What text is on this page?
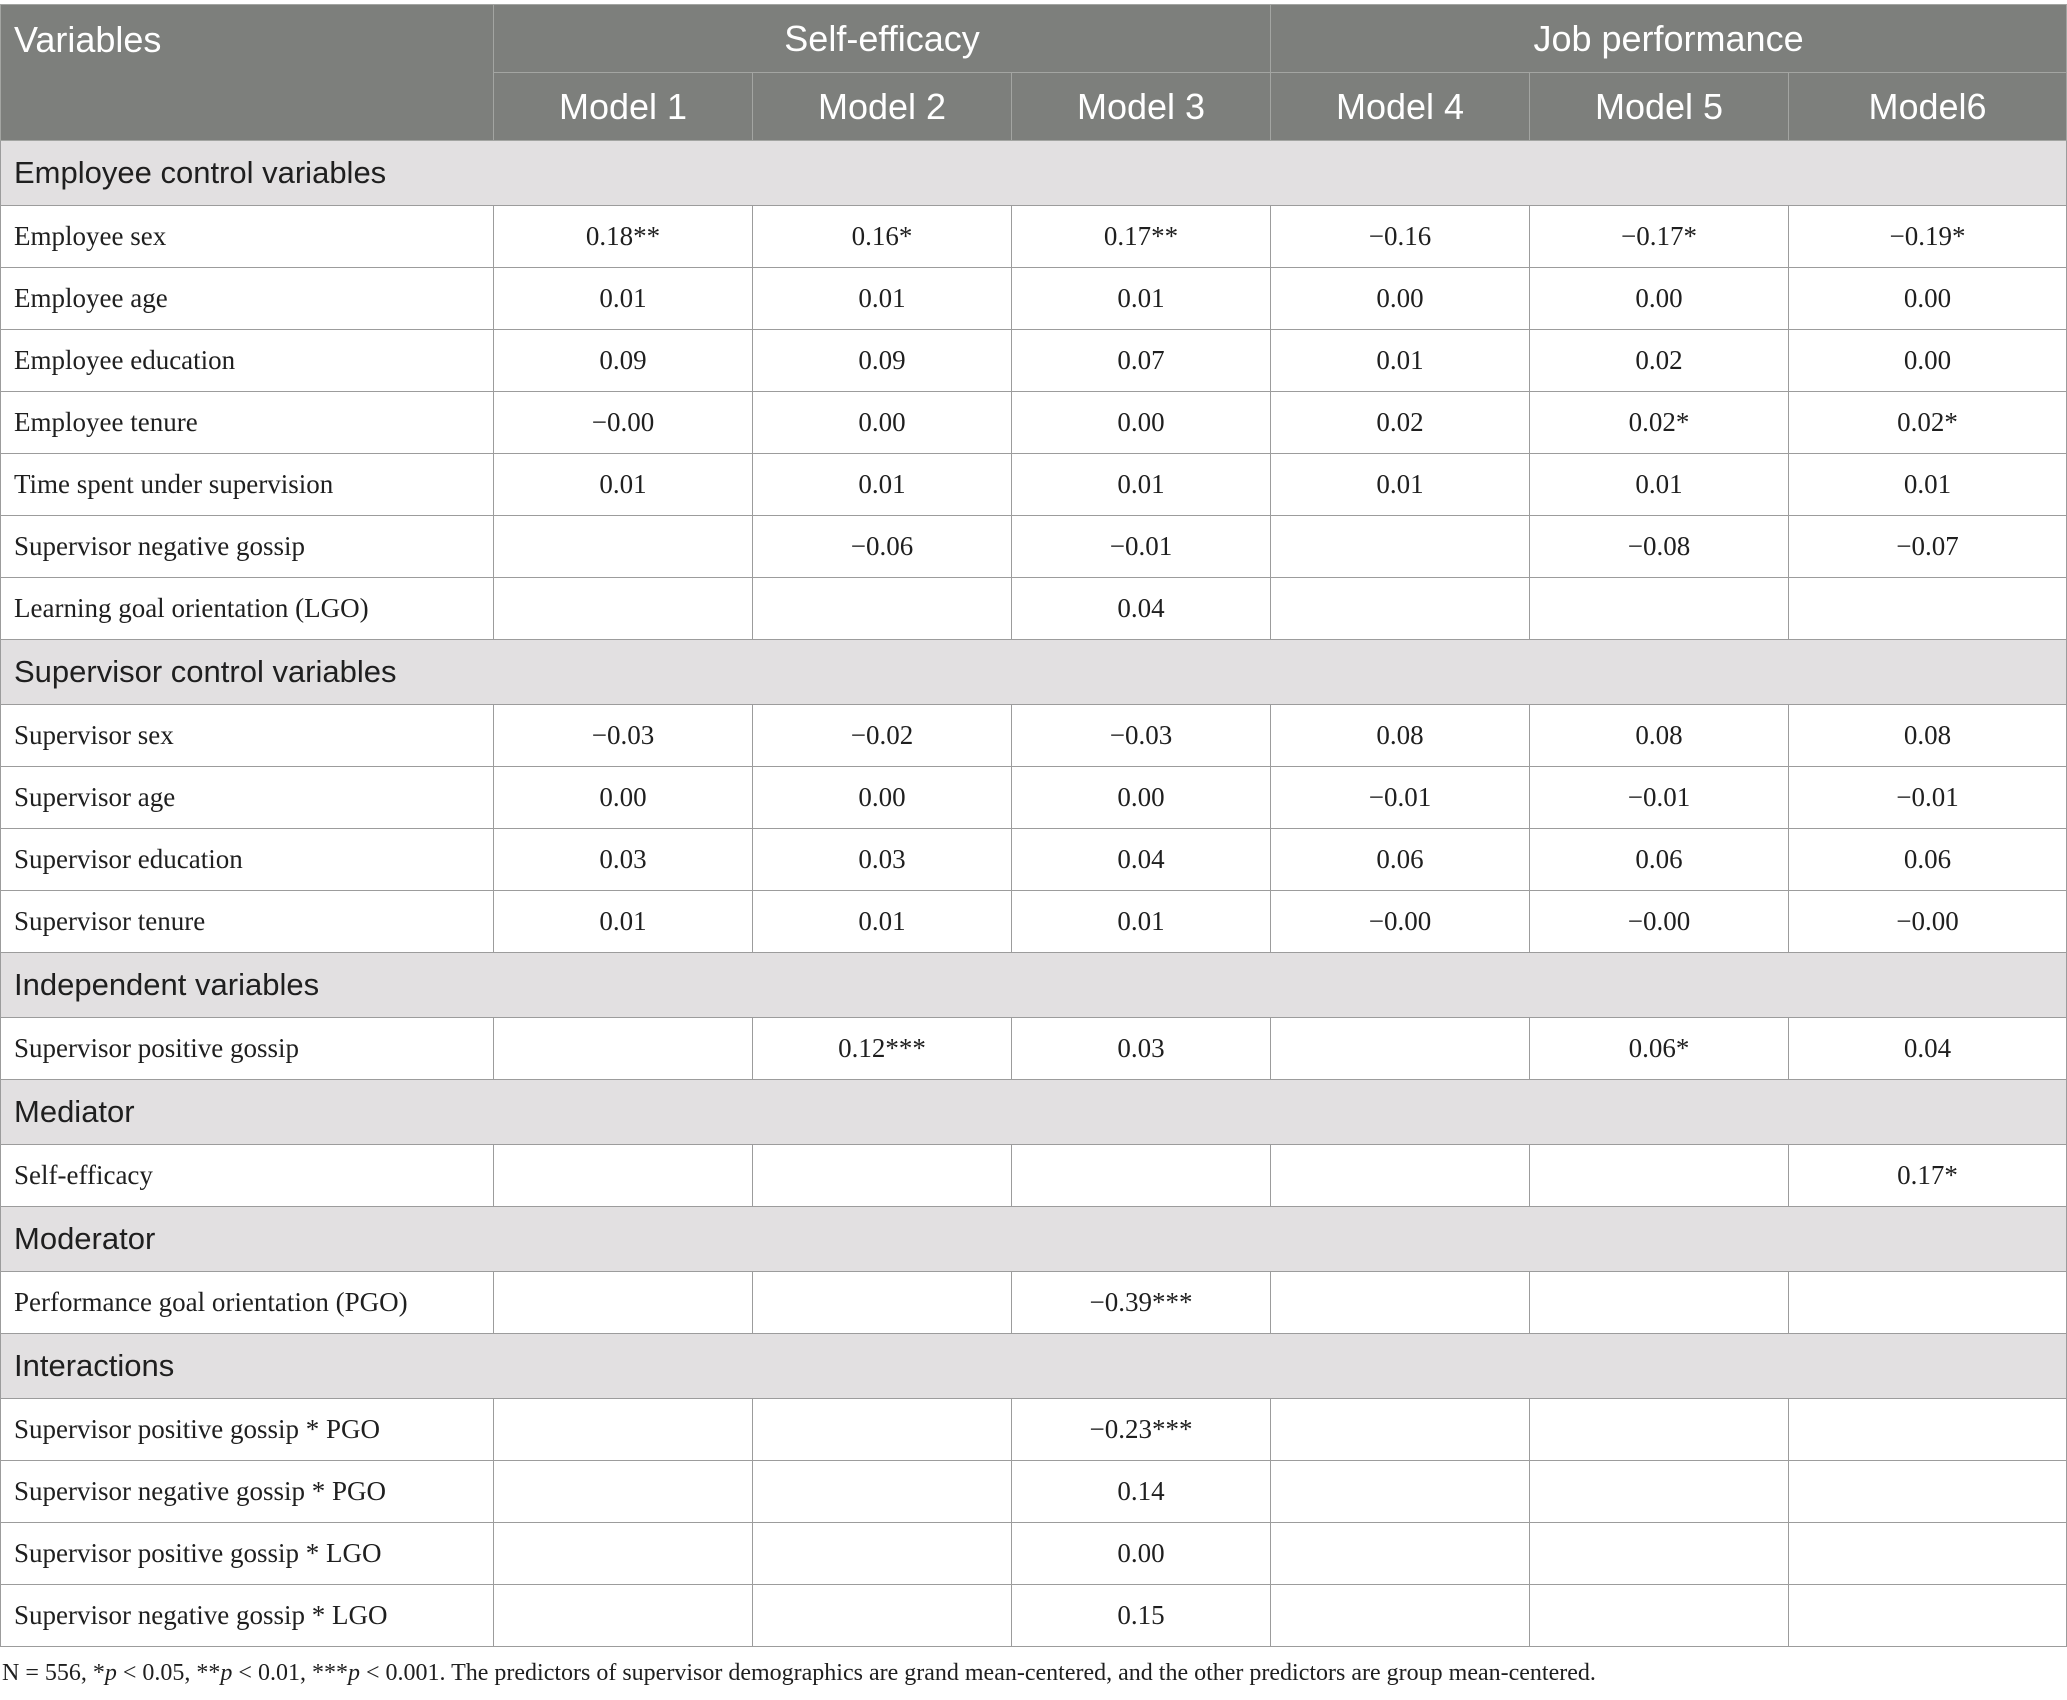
Variables	Self-efficacy			Job performance		
	Model 1	Model 2	Model 3	Model 4	Model 5	Model6
Employee control variables						
Employee sex	0.18**	0.16*	0.17**	−0.16	−0.17*	−0.19*
Employee age	0.01	0.01	0.01	0.00	0.00	0.00
Employee education	0.09	0.09	0.07	0.01	0.02	0.00
Employee tenure	−0.00	0.00	0.00	0.02	0.02*	0.02*
Time spent under supervision	0.01	0.01	0.01	0.01	0.01	0.01
Supervisor negative gossip		−0.06	−0.01		−0.08	−0.07
Learning goal orientation (LGO)			0.04			
Supervisor control variables						
Supervisor sex	−0.03	−0.02	−0.03	0.08	0.08	0.08
Supervisor age	0.00	0.00	0.00	−0.01	−0.01	−0.01
Supervisor education	0.03	0.03	0.04	0.06	0.06	0.06
Supervisor tenure	0.01	0.01	0.01	−0.00	−0.00	−0.00
Independent variables						
Supervisor positive gossip		0.12***	0.03		0.06*	0.04
Mediator						
Self-efficacy						0.17*
Moderator						
Performance goal orientation (PGO)			−0.39***			
Interactions						
Supervisor positive gossip * PGO			−0.23***			
Supervisor negative gossip * PGO			0.14			
Supervisor positive gossip * LGO			0.00			
Supervisor negative gossip * LGO			0.15			
N = 556, *p < 0.05, **p < 0.01, ***p < 0.001. The predictors of supervisor demographics are grand mean-centered, and the other predictors are group mean-centered.
